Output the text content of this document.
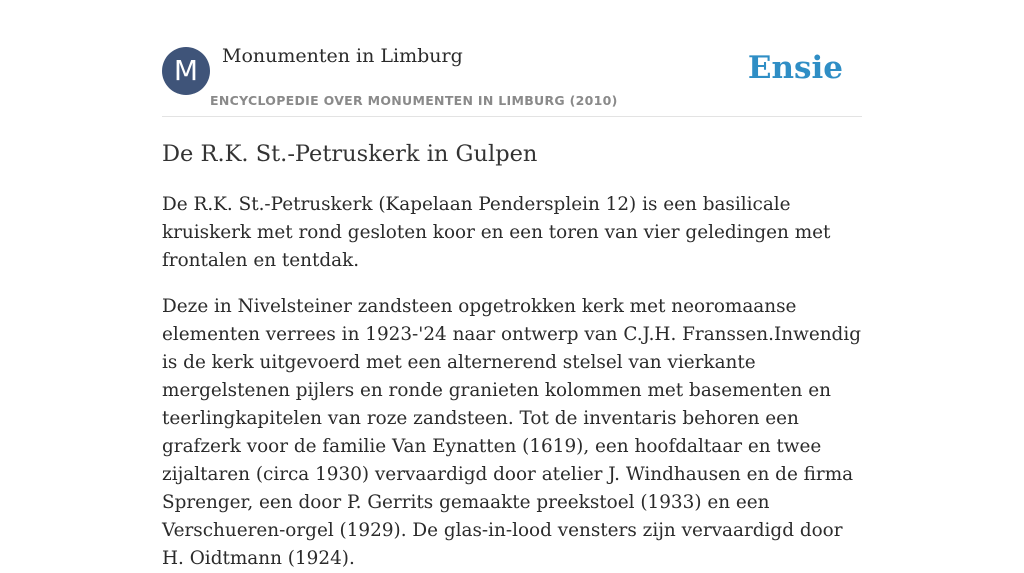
M	Monumenten in Limburg
ENCYCLOPEDIE OVER MONUMENTEN IN LIMBURG (2010)
Ensie
De R.K. St.-Petruskerk in Gulpen

De R.K. St.-Petruskerk (Kapelaan Pendersplein 12) is een basilicale kruiskerk met rond gesloten koor en een toren van vier geledingen met frontalen en tentdak.

Deze in Nivelsteiner zandsteen opgetrokken kerk met neoromaanse elementen verrees in 1923-'24 naar ontwerp van C.J.H. Franssen.Inwendig is de kerk uitgevoerd met een alternerend stelsel van vierkante mergelstenen pijlers en ronde granieten kolommen met basementen en teerlingkapitelen van roze zandsteen. Tot de inventaris behoren een grafzerk voor de familie Van Eynatten (1619), een hoofdaltaar en twee zijaltaren (circa 1930) vervaardigd door atelier J. Windhausen en de firma Sprenger, een door P. Gerrits gemaakte preekstoel (1933) en een Verschueren-orgel (1929). De glas-in-lood vensters zijn vervaardigd door H. Oidtmann (1924).
